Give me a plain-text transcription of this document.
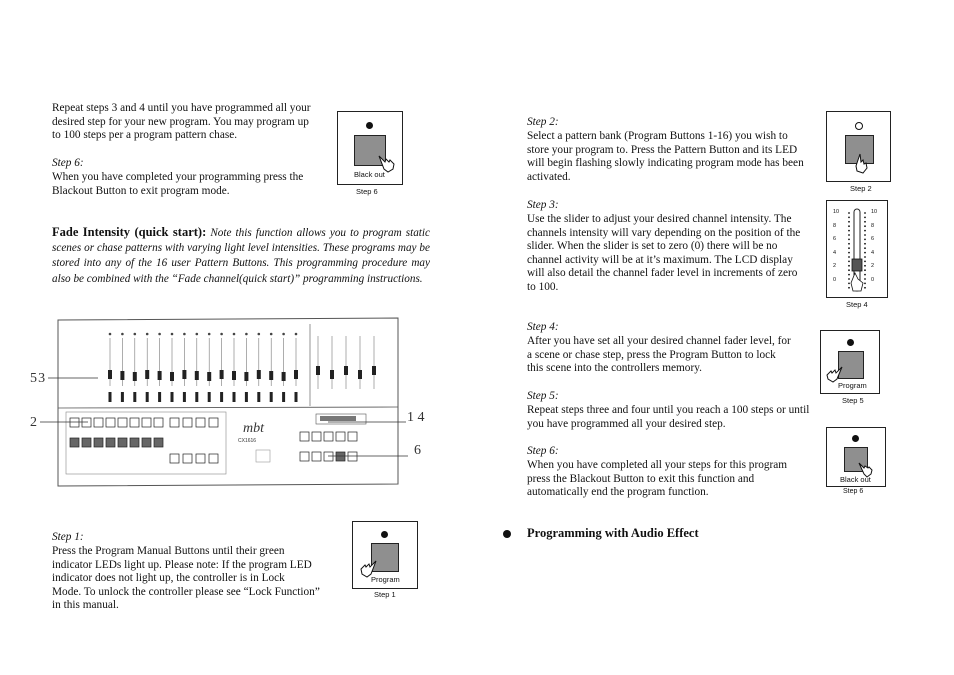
Repeat steps 3 and 4 until you have programmed all your
desired step for your new program. You may program up
to 100 steps per a program pattern chase.
Step 6:
When you have completed your programming press the
Blackout Button to exit program mode.
Black out
Step 6
Fade Intensity (quick start): Note this function allows you to program static scenes or chase patterns with varying light level intensities. These programs may be stored into any of the 16 user Pattern Buttons. This programming procedure may also be combined with the “Fade channel(quick start)” programming instructions.
mbt
CX1616
5 3
2	1 4
6
Step 1:
Press the Program Manual Buttons until their green
indicator LEDs light up. Please note: If the program LED
indicator does not light up, the controller is in Lock
Mode. To unlock the controller please see “Lock Function”
in this manual.
Program
Step 1
Step 2:
Select a pattern bank (Program Buttons 1-16) you wish to
store your program to. Press the Pattern Button and its LED
will begin flashing slowly indicating program mode has been
activated.
Step 2
Step 3:
Use the slider to adjust your desired channel intensity. The
channels intensity will vary depending on the position of the
slider. When the slider is set to zero (0) there will be no
channel activity will be at it’s maximum. The LCD display
will also detail the channel fader level in increments of zero
to 100.
10
8
6
4
2
0
10
8
6
4
2
0
Step 4
Step 4:
After you have set all your desired channel fader level, for
a scene or chase step, press the Program Button to lock
this scene into the controllers memory.
Program
Step 5
Step 5:
Repeat steps three and four until you reach a 100 steps or until
you have programmed all your desired step.
Step 6:
When you have completed all your steps for this program
press the Blackout Button to exit this function and
automatically end the program function.
Black out
Step 6
Programming with Audio Effect
